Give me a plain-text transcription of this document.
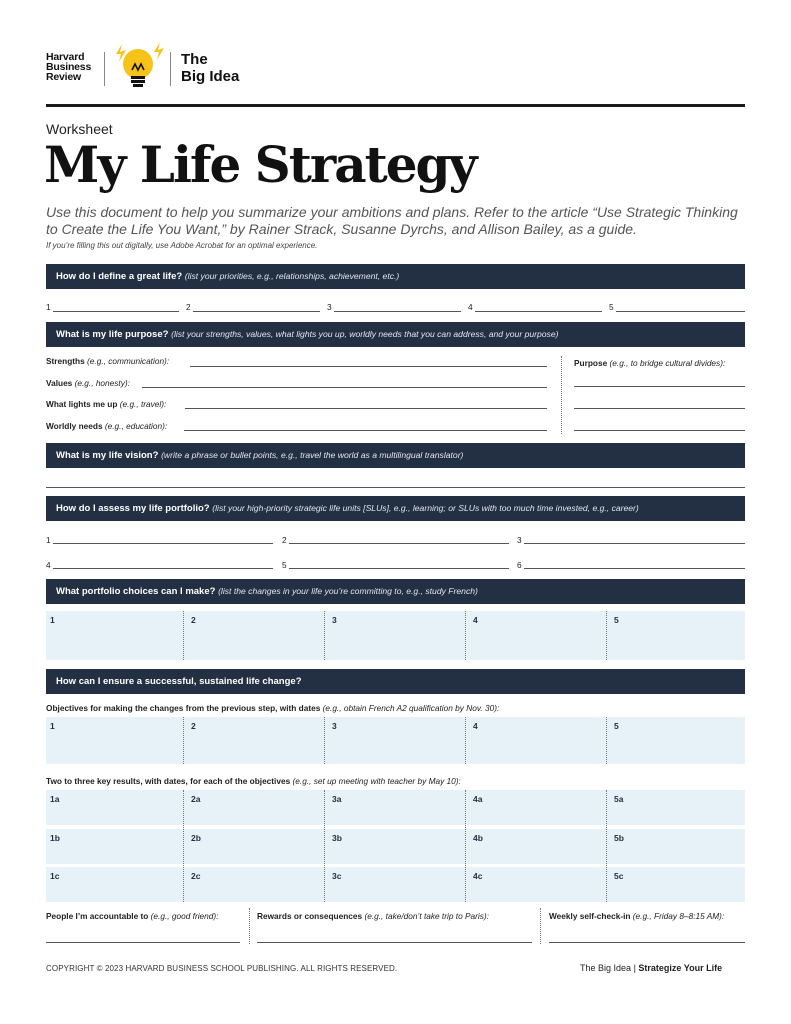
Harvard
Business
Review
The
Big Idea
Worksheet
My Life Strategy
Use this document to help you summarize your ambitions and plans. Refer to the article “Use Strategic Thinking to Create the Life You Want,” by Rainer Strack, Susanne Dyrchs, and Allison Bailey, as a guide.
If you’re filling this out digitally, use Adobe Acrobat for an optimal experience.
How do I define a great life? (list your priorities, e.g., relationships, achievement, etc.)
1	2	3	4	5
What is my life purpose? (list your strengths, values, what lights you up, worldly needs that you can address, and your purpose)
Strengths (e.g., communication):
Values (e.g., honesty):
What lights me up (e.g., travel):
Worldly needs (e.g., education):
Purpose (e.g., to bridge cultural divides):
What is my life vision? (write a phrase or bullet points, e.g., travel the world as a multilingual translator)
How do I assess my life portfolio? (list your high-priority strategic life units [SLUs], e.g., learning; or SLUs with too much time invested, e.g., career)
1	2	3
4	5	6
What portfolio choices can I make? (list the changes in your life you’re committing to, e.g., study French)
1	2	3	4	5
How can I ensure a successful, sustained life change?
Objectives for making the changes from the previous step, with dates (e.g., obtain French A2 qualification by Nov. 30):
1	2	3	4	5
Two to three key results, with dates, for each of the objectives (e.g., set up meeting with teacher by May 10):
1a	2a	3a	4a	5a
1b	2b	3b	4b	5b
1c	2c	3c	4c	5c
People I’m accountable to (e.g., good friend):	Rewards or consequences (e.g., take/don’t take trip to Paris):	Weekly self-check-in (e.g., Friday 8–8:15 AM):
COPYRIGHT © 2023 HARVARD BUSINESS SCHOOL PUBLISHING. ALL RIGHTS RESERVED.	The Big Idea | Strategize Your Life
